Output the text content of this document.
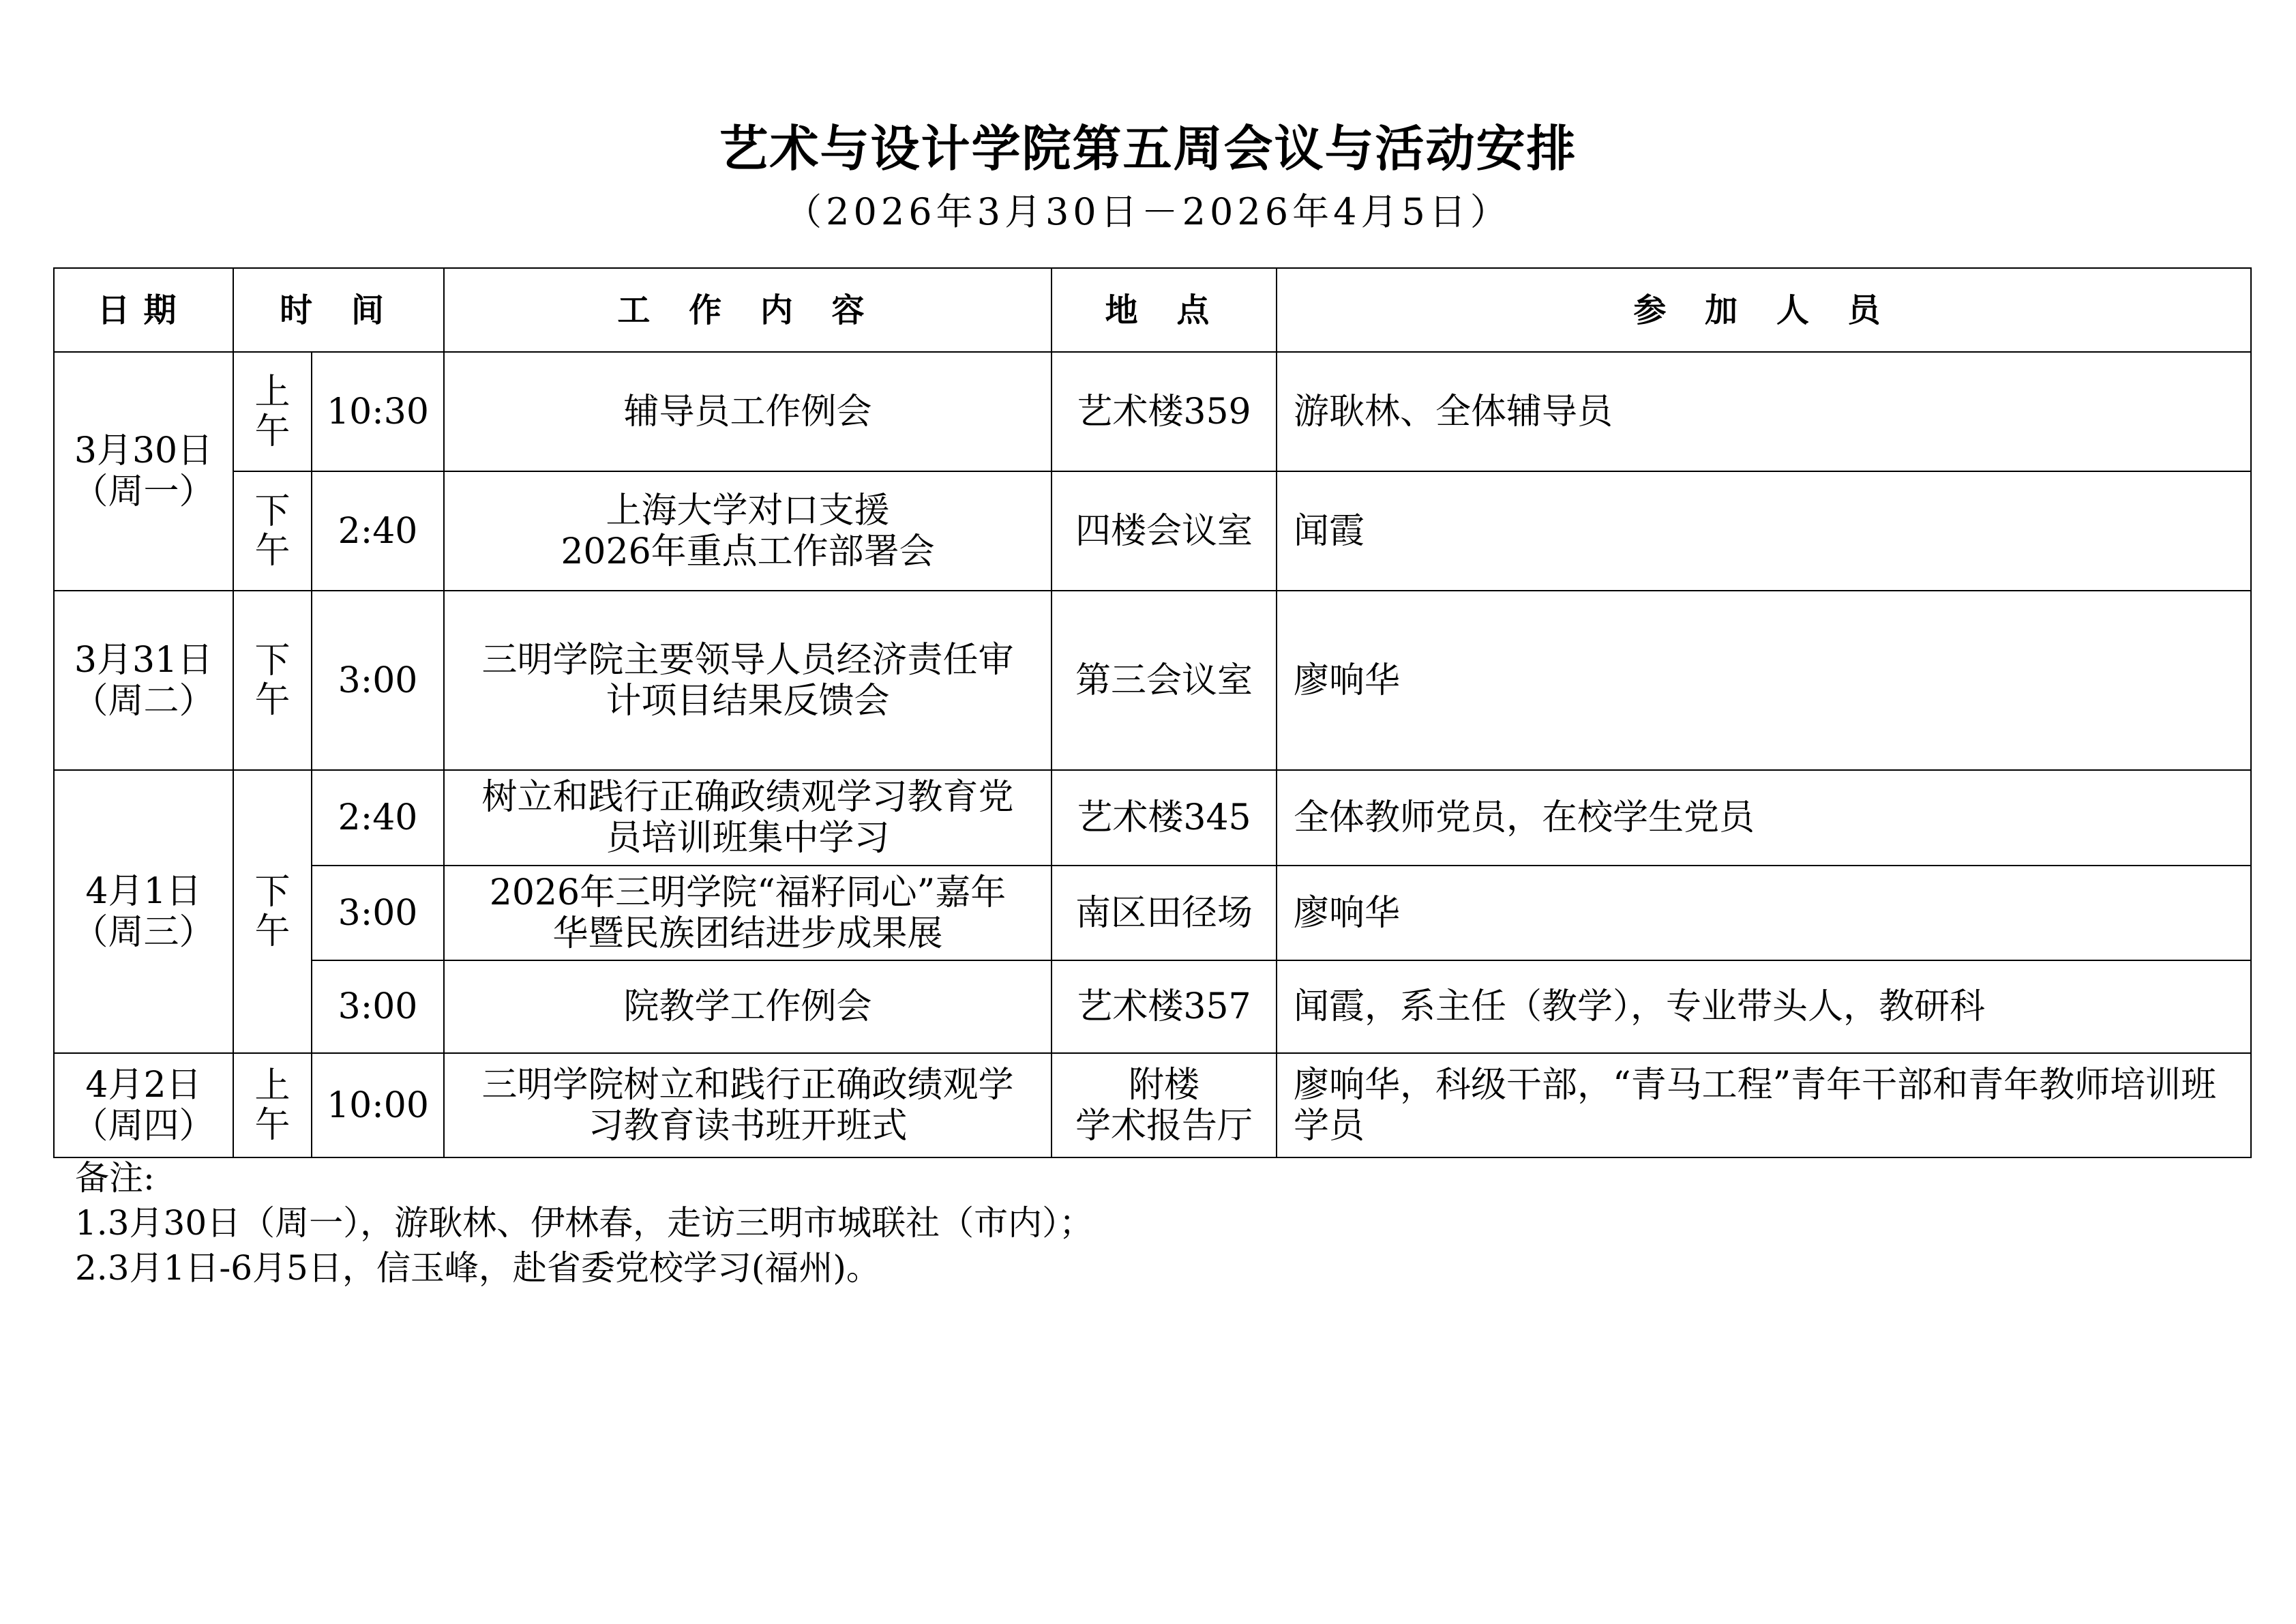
艺术与设计学院第五周会议与活动安排
（2026年3月30日－2026年4月5日）
日期	时 间		工 作 内 容	地 点	参 加 人 员

3月30日
（周一）	上
午	10:30	辅导员工作例会	艺术楼359	游耿林、全体辅导员

	下
午	2:40	上海大学对口支援
2026年重点工作部署会	四楼会议室	闻霞

3月31日
（周二）	下
午	3:00	三明学院主要领导人员经济责任审
计项目结果反馈会	第三会议室	廖响华

4月1日
（周三）	下
午	2:40	树立和践行正确政绩观学习教育党
员培训班集中学习	艺术楼345	全体教师党员，在校学生党员
		3:00	2026年三明学院“福籽同心”嘉年
华暨民族团结进步成果展	南区田径场	廖响华
		3:00	院教学工作例会	艺术楼357	闻霞，系主任（教学），专业带头人，教研科

4月2日
（周四）	上
午	10:00	三明学院树立和践行正确政绩观学
习教育读书班开班式	附楼
学术报告厅	廖响华，科级干部，“青马工程”青年干部和青年教师培训班学员
备注:
1.3月30日（周一），游耿林、伊林春，走访三明市城联社（市内）；
2.3月1日-6月5日，信玉峰，赴省委党校学习(福州)。
